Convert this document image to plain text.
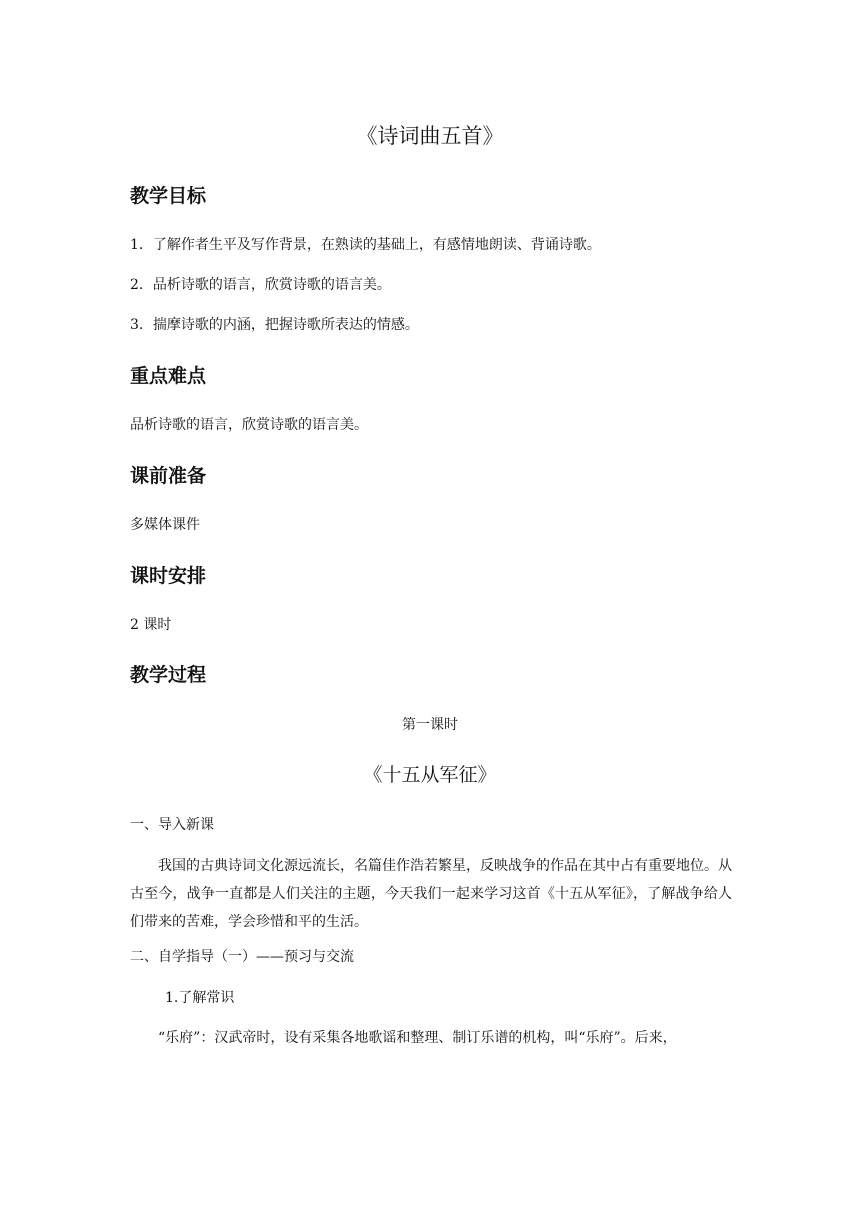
《诗词曲五首》
教学目标
1．了解作者生平及写作背景，在熟读的基础上，有感情地朗读、背诵诗歌。
2．品析诗歌的语言，欣赏诗歌的语言美。
3．揣摩诗歌的内涵，把握诗歌所表达的情感。
重点难点
品析诗歌的语言，欣赏诗歌的语言美。
课前准备
多媒体课件
课时安排
2 课时
教学过程
第一课时
《十五从军征》
一、导入新课
我国的古典诗词文化源远流长，名篇佳作浩若繁星，反映战争的作品在其中占有重要地位。从古至今，战争一直都是人们关注的主题，今天我们一起来学习这首《十五从军征》，了解战争给人们带来的苦难，学会珍惜和平的生活。
二、自学指导（一）——预习与交流
1.了解常识
“乐府”：汉武帝时，设有采集各地歌谣和整理、制订乐谱的机构，叫“乐府”。后来，
